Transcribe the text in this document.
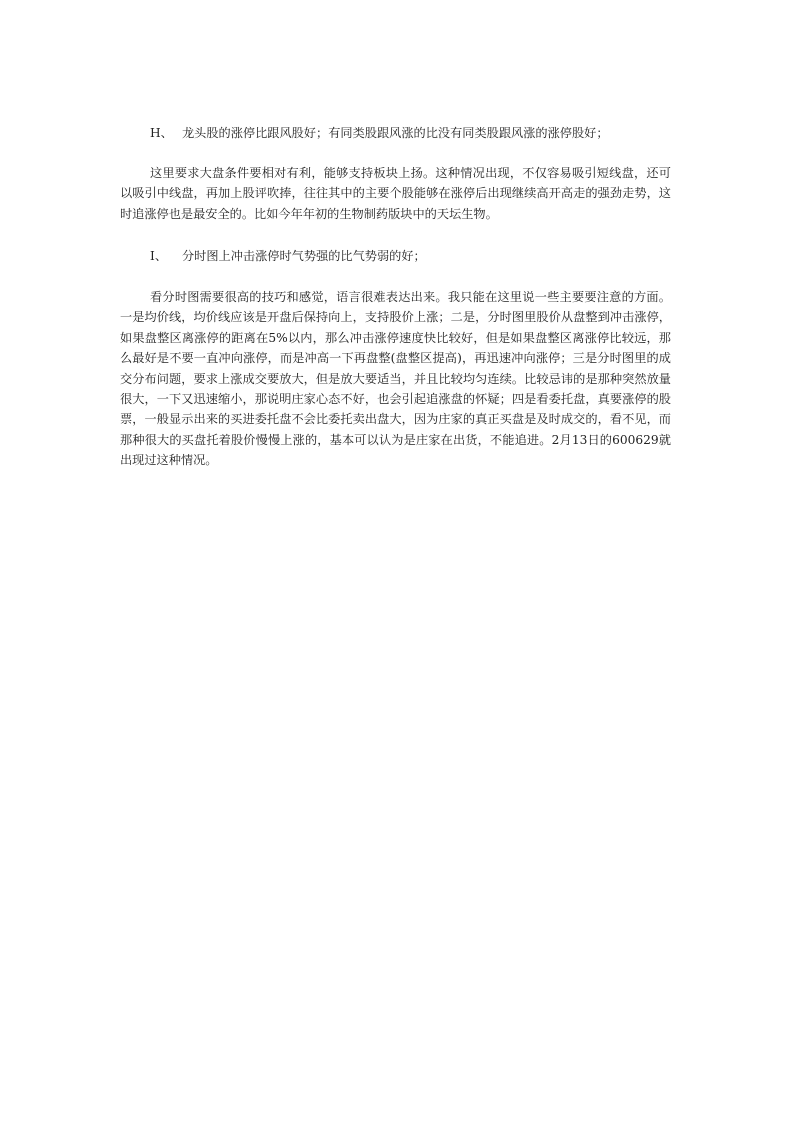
H、 龙头股的涨停比跟风股好；有同类股跟风涨的比没有同类股跟风涨的涨停股好；
这里要求大盘条件要相对有利，能够支持板块上扬。这种情况出现，不仅容易吸引短线盘，还可以吸引中线盘，再加上股评吹捧，往往其中的主要个股能够在涨停后出现继续高开高走的强劲走势，这时追涨停也是最安全的。比如今年年初的生物制药版块中的天坛生物。
I、 分时图上冲击涨停时气势强的比气势弱的好；
看分时图需要很高的技巧和感觉，语言很难表达出来。我只能在这里说一些主要要注意的方面。一是均价线，均价线应该是开盘后保持向上，支持股价上涨；二是，分时图里股价从盘整到冲击涨停，如果盘整区离涨停的距离在5%以内，那么冲击涨停速度快比较好，但是如果盘整区离涨停比较远，那么最好是不要一直冲向涨停，而是冲高一下再盘整(盘整区提高)，再迅速冲向涨停；三是分时图里的成交分布问题，要求上涨成交要放大，但是放大要适当，并且比较均匀连续。比较忌讳的是那种突然放量很大，一下又迅速缩小，那说明庄家心态不好，也会引起追涨盘的怀疑；四是看委托盘，真要涨停的股票，一般显示出来的买进委托盘不会比委托卖出盘大，因为庄家的真正买盘是及时成交的，看不见，而那种很大的买盘托着股价慢慢上涨的，基本可以认为是庄家在出货，不能追进。2月13日的600629就出现过这种情况。
